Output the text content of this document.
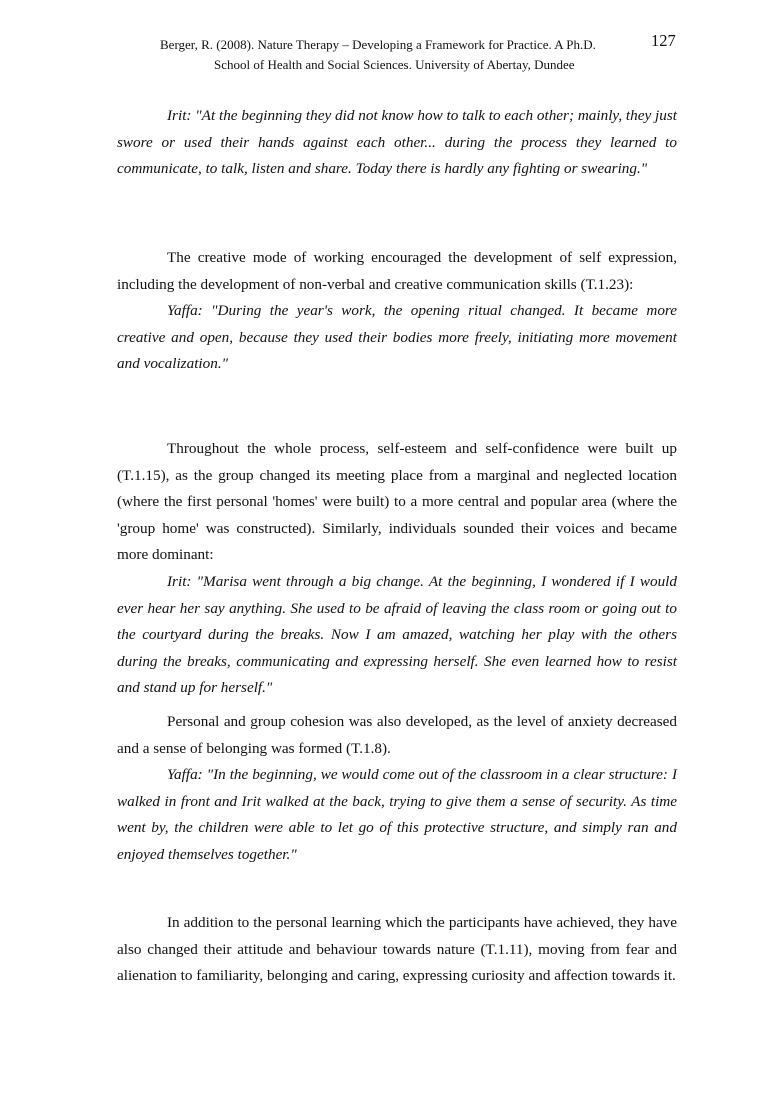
Berger, R. (2008). Nature Therapy – Developing a Framework for Practice. A Ph.D.	127
School of Health and Social Sciences. University of Abertay, Dundee

Irit: "At the beginning they did not know how to talk to each other; mainly, they just swore or used their hands against each other... during the process they learned to communicate, to talk, listen and share. Today there is hardly any fighting or swearing."

The creative mode of working encouraged the development of self expression, including the development of non-verbal and creative communication skills (T.1.23):

Yaffa: "During the year's work, the opening ritual changed. It became more creative and open, because they used their bodies more freely, initiating more movement and vocalization."

Throughout the whole process, self-esteem and self-confidence were built up (T.1.15), as the group changed its meeting place from a marginal and neglected location (where the first personal 'homes' were built) to a more central and popular area (where the 'group home' was constructed). Similarly, individuals sounded their voices and became more dominant:

Irit: "Marisa went through a big change. At the beginning, I wondered if I would ever hear her say anything. She used to be afraid of leaving the class room or going out to the courtyard during the breaks. Now I am amazed, watching her play with the others during the breaks, communicating and expressing herself. She even learned how to resist and stand up for herself."

Personal and group cohesion was also developed, as the level of anxiety decreased and a sense of belonging was formed (T.1.8).

Yaffa: "In the beginning, we would come out of the classroom in a clear structure: I walked in front and Irit walked at the back, trying to give them a sense of security. As time went by, the children were able to let go of this protective structure, and simply ran and enjoyed themselves together."

In addition to the personal learning which the participants have achieved, they have also changed their attitude and behaviour towards nature (T.1.11), moving from fear and alienation to familiarity, belonging and caring, expressing curiosity and affection towards it.
